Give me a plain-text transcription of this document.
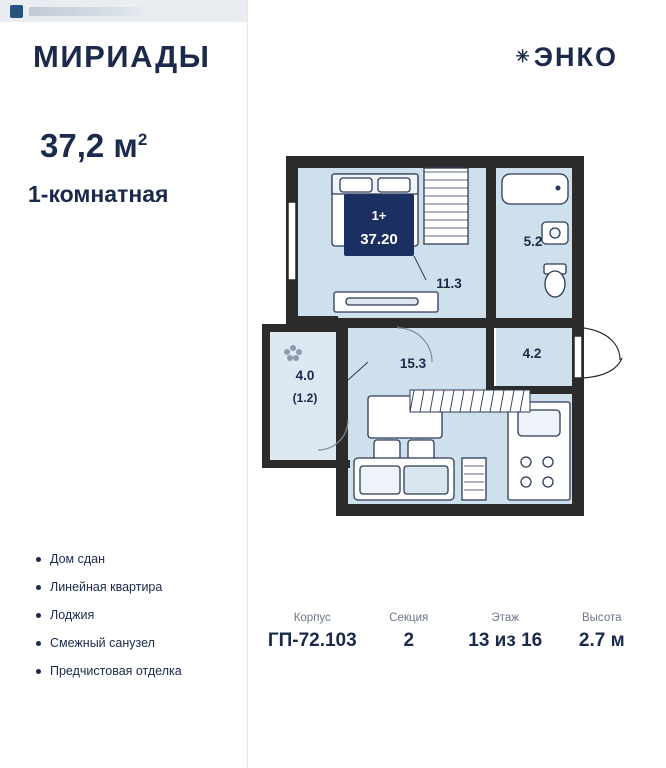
МИРИАДЫ	✳ЭНКО
37,2 $м^2$
1-комнатная
Дом сдан
Линейная квартира
Лоджия
Смежный санузел
Предчистовая отделка
Корпус
ГП-72.103
Секция
2
Этаж
13 из 16
Высота
2.7 м
1+
37.20
11.3
5.2
15.3
4.2
4.0
(1.2)
